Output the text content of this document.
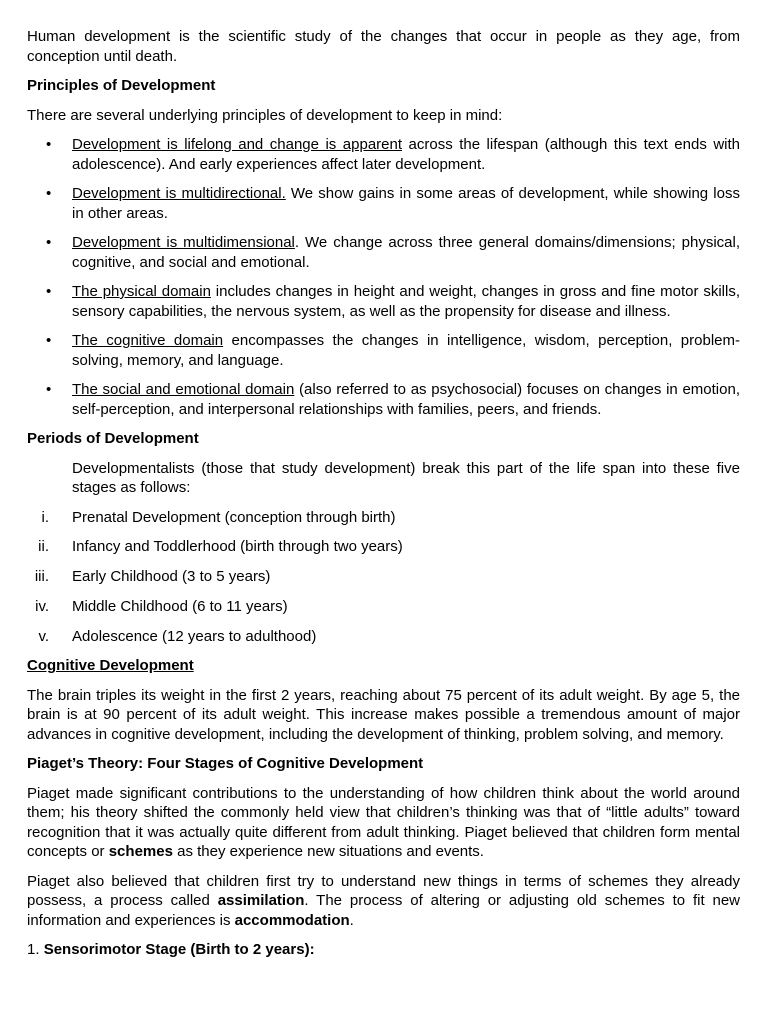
Human development is the scientific study of the changes that occur in people as they age, from conception until death.

Principles of Development

There are several underlying principles of development to keep in mind:

• Development is lifelong and change is apparent across the lifespan (although this text ends with adolescence). And early experiences affect later development.
• Development is multidirectional. We show gains in some areas of development, while showing loss in other areas.
• Development is multidimensional. We change across three general domains/dimensions; physical, cognitive, and social and emotional.
• The physical domain includes changes in height and weight, changes in gross and fine motor skills, sensory capabilities, the nervous system, as well as the propensity for disease and illness.
• The cognitive domain encompasses the changes in intelligence, wisdom, perception, problem-solving, memory, and language.
• The social and emotional domain (also referred to as psychosocial) focuses on changes in emotion, self-perception, and interpersonal relationships with families, peers, and friends.
Periods of Development

Developmentalists (those that study development) break this part of the life span into these five stages as follows:

i. Prenatal Development (conception through birth)
ii. Infancy and Toddlerhood (birth through two years)
iii. Early Childhood (3 to 5 years)
iv. Middle Childhood (6 to 11 years)
v. Adolescence (12 years to adulthood)
Cognitive Development

The brain triples its weight in the first 2 years, reaching about 75 percent of its adult weight. By age 5, the brain is at 90 percent of its adult weight. This increase makes possible a tremendous amount of major advances in cognitive development, including the development of thinking, problem solving, and memory.

Piaget’s Theory: Four Stages of Cognitive Development

Piaget made significant contributions to the understanding of how children think about the world around them; his theory shifted the commonly held view that children’s thinking was that of “little adults” toward recognition that it was actually quite different from adult thinking. Piaget believed that children form mental concepts or schemes as they experience new situations and events.

Piaget also believed that children first try to understand new things in terms of schemes they already possess, a process called assimilation. The process of altering or adjusting old schemes to fit new information and experiences is accommodation.

1. Sensorimotor Stage (Birth to 2 years):
